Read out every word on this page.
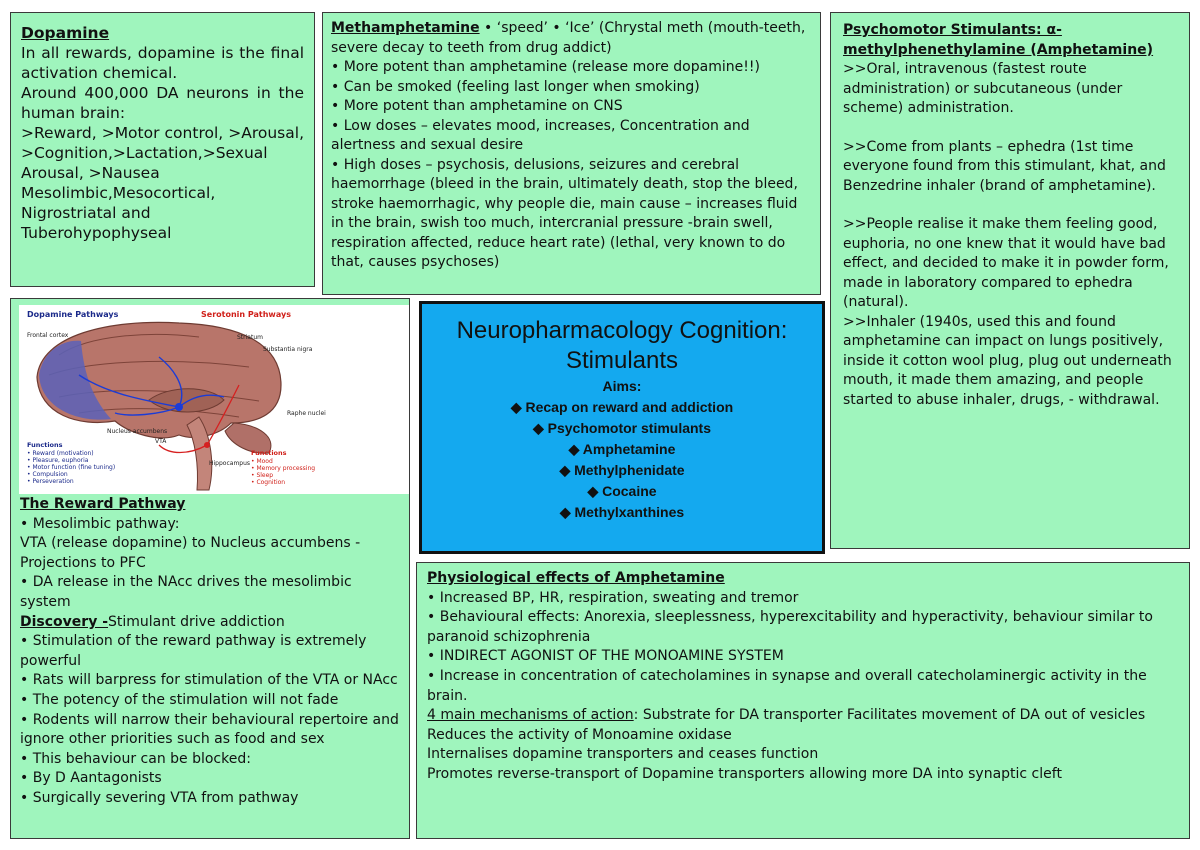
Dopamine

In all rewards, dopamine is the final activation chemical.

Around 400,000 DA neurons in the human brain:

>Reward, >Motor control, >Arousal, >Cognition,>Lactation,>Sexual Arousal, >Nausea

Mesolimbic,Mesocortical,

Nigrostriatal and Tuberohypophyseal

Methamphetamine • ‘speed’ • ‘Ice’ (Chrystal meth (mouth-teeth, severe decay to teeth from drug addict)

• More potent than amphetamine (release more dopamine!!)

• Can be smoked (feeling last longer when smoking)

• More potent than amphetamine on CNS

• Low doses – elevates mood, increases, Concentration and alertness and sexual desire

• High doses – psychosis, delusions, seizures and cerebral haemorrhage (bleed in the brain, ultimately death, stop the bleed, stroke haemorrhagic, why people die, main cause – increases fluid in the brain, swish too much, intercranial pressure -brain swell, respiration affected, reduce heart rate) (lethal, very known to do that, causes psychoses)

Psychomotor Stimulants: α-methylphenethylamine (Amphetamine)

>>Oral, intravenous (fastest route administration) or subcutaneous (under scheme) administration.

>>Come from plants – ephedra (1st time everyone found from this stimulant, khat, and Benzedrine inhaler (brand of amphetamine).

>>People realise it make them feeling good, euphoria, no one knew that it would have bad effect, and decided to make it in powder form, made in laboratory compared to ephedra (natural).

>>Inhaler (1940s, used this and found amphetamine can impact on lungs positively, inside it cotton wool plug, plug out underneath mouth, it made them amazing, and people started to abuse inhaler, drugs, - withdrawal.

Dopamine Pathways	Serotonin Pathways
Frontal cortex	Striatum
Substantia nigra
Nucleus accumbens
VTA
Hippocampus
Raphe nuclei
Functions
• Reward (motivation)
• Pleasure, euphoria
• Motor function (fine tuning)
• Compulsion
• Perseveration
Functions
• Mood
• Memory processing
• Sleep
• Cognition

The Reward Pathway

• Mesolimbic pathway:

VTA (release dopamine) to Nucleus accumbens - Projections to PFC

• DA release in the NAcc drives the mesolimbic system

Discovery -Stimulant drive addiction

• Stimulation of the reward pathway is extremely powerful

• Rats will barpress for stimulation of the VTA or NAcc

• The potency of the stimulation will not fade

• Rodents will narrow their behavioural repertoire and ignore other priorities such as food and sex

• This behaviour can be blocked:

• By D Aantagonists

• Surgically severing VTA from pathway

Neuropharmacology Cognition: Stimulants
Aims:
◆ Recap on reward and addiction
◆ Psychomotor stimulants
◆ Amphetamine
◆ Methylphenidate
◆ Cocaine
◆ Methylxanthines

Physiological effects of Amphetamine

• Increased BP, HR, respiration, sweating and tremor

• Behavioural effects: Anorexia, sleeplessness, hyperexcitability and hyperactivity, behaviour similar to paranoid schizophrenia

• INDIRECT AGONIST OF THE MONOAMINE SYSTEM

• Increase in concentration of catecholamines in synapse and overall catecholaminergic activity in the brain.

4 main mechanisms of action: Substrate for DA transporter Facilitates movement of DA out of vesicles

Reduces the activity of Monoamine oxidase

Internalises dopamine transporters and ceases function

Promotes reverse-transport of Dopamine transporters allowing more DA into synaptic cleft
